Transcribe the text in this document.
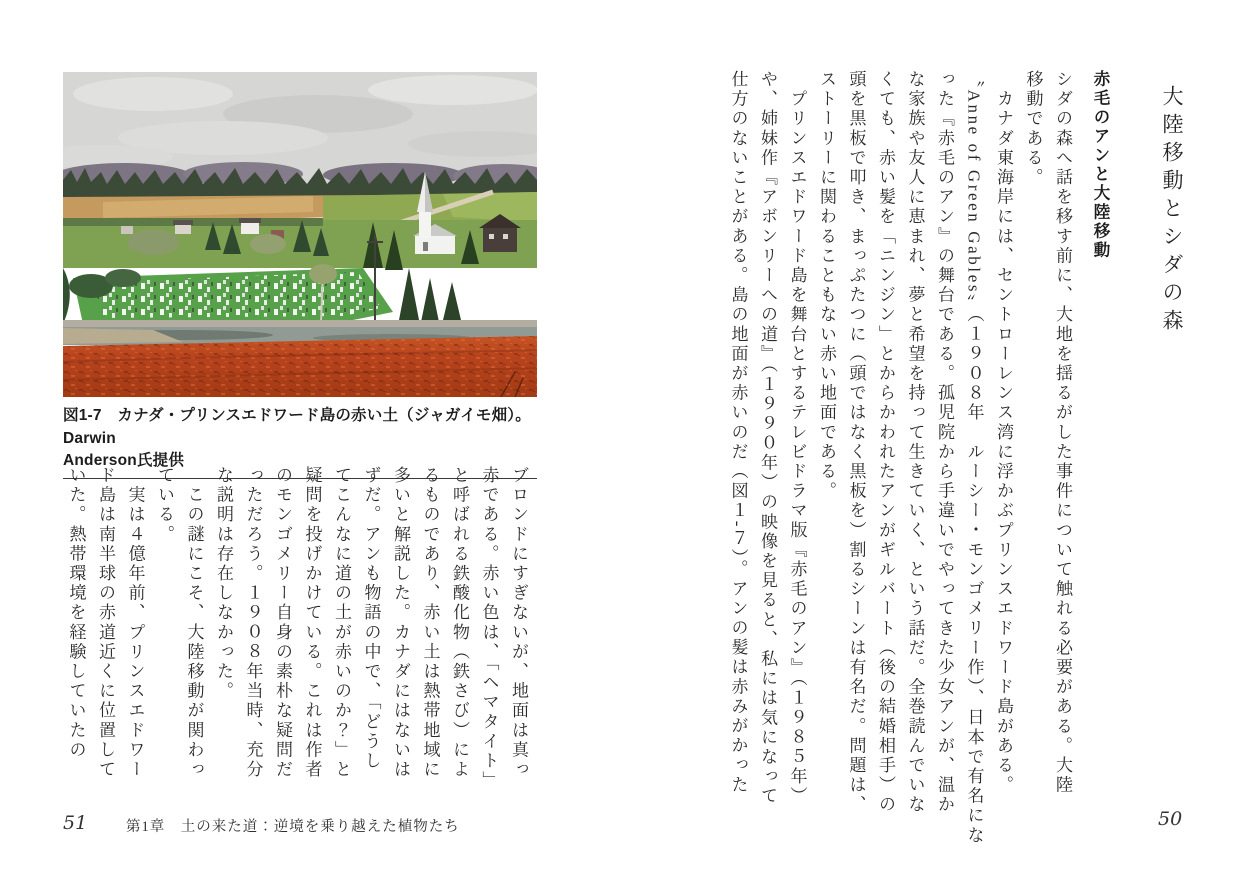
図1-7　カナダ・プリンスエドワード島の赤い土（ジャガイモ畑）。Darwin
Anderson氏提供

ブロンドにすぎないが、地面は真っ

赤である。赤い色は、「ヘマタイト」

と呼ばれる鉄酸化物（鉄さび）によ

るものであり、赤い土は熱帯地域に

多いと解説した。カナダにはないは

ずだ。アンも物語の中で、「どうし

てこんなに道の土が赤いのか？」と

疑問を投げかけている。これは作者

のモンゴメリー自身の素朴な疑問だ

っただろう。１９０８年当時、充分

な説明は存在しなかった。

　この謎にこそ、大陸移動が関わっ

ている。

　実は４億年前、プリンスエドワー

ド島は南半球の赤道近くに位置して

いた。熱帯環境を経験していたの

51	第1章　土の来た道：逆境を乗り越えた植物たち

大陸移動とシダの森

赤毛のアンと大陸移動

シダの森へ話を移す前に、大地を揺るがした事件について触れる必要がある。大陸

移動である。

　カナダ東海岸には、セントローレンス湾に浮かぶプリンスエドワード島がある。

〝Anne of Green Gables〟（１９０８年　ルーシー・モンゴメリー作）、日本で有名にな

った『赤毛のアン』の舞台である。孤児院から手違いでやってきた少女アンが、温か

な家族や友人に恵まれ、夢と希望を持って生きていく、という話だ。全巻読んでいな

くても、赤い髪を「ニンジン」とからかわれたアンがギルバート（後の結婚相手）の

頭を黒板で叩き、まっぷたつに（頭ではなく黒板を）割るシーンは有名だ。問題は、

ストーリーに関わることもない赤い地面である。

　プリンスエドワード島を舞台とするテレビドラマ版『赤毛のアン』（１９８５年）

や、姉妹作『アボンリーへの道』（１９９０年）の映像を見ると、私には気になって

仕方のないことがある。島の地面が赤いのだ（図１‐７）。アンの髪は赤みがかった

50
